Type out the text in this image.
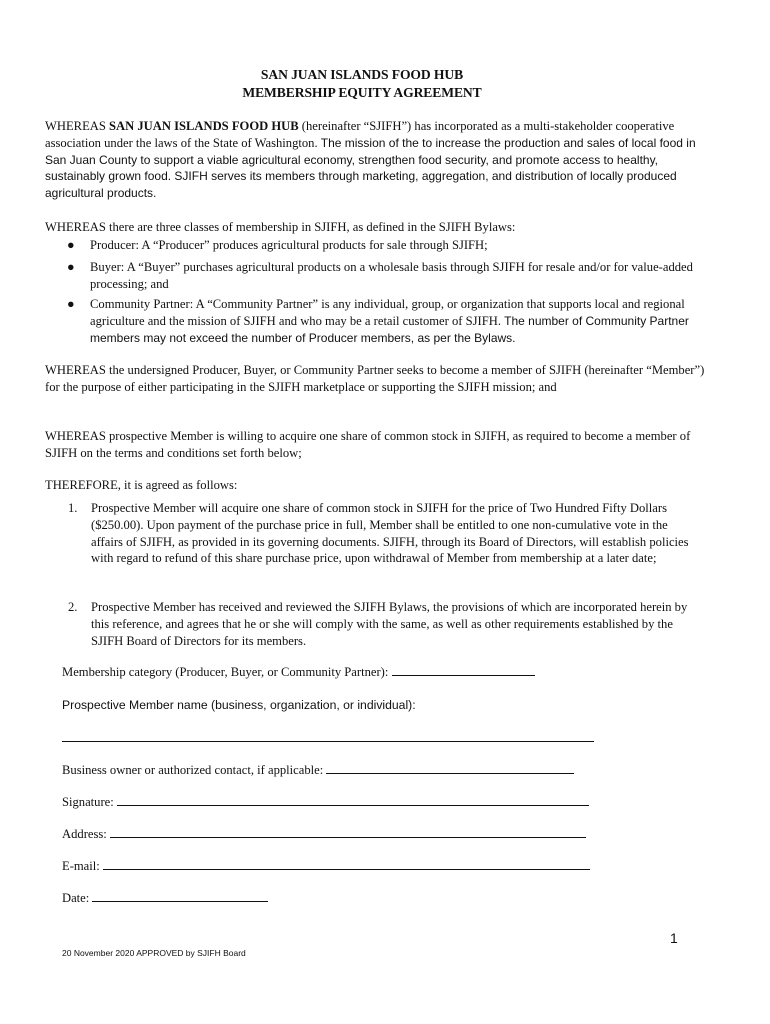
SAN JUAN ISLANDS FOOD HUB
MEMBERSHIP EQUITY AGREEMENT

WHEREAS SAN JUAN ISLANDS FOOD HUB (hereinafter “SJIFH”) has incorporated as a multi-stakeholder cooperative association under the laws of the State of Washington. The mission of the to increase the production and sales of local food in San Juan County to support a viable agricultural economy, strengthen food security, and promote access to healthy, sustainably grown food. SJIFH serves its members through marketing, aggregation, and distribution of locally produced agricultural products.

WHEREAS there are three classes of membership in SJIFH, as defined in the SJIFH Bylaws:

● Producer: A “Producer” produces agricultural products for sale through SJIFH;
● Buyer: A “Buyer” purchases agricultural products on a wholesale basis through SJIFH for resale and/or for value-added processing; and
● Community Partner: A “Community Partner” is any individual, group, or organization that supports local and regional agriculture and the mission of SJIFH and who may be a retail customer of SJIFH. The number of Community Partner members may not exceed the number of Producer members, as per the Bylaws.

WHEREAS the undersigned Producer, Buyer, or Community Partner seeks to become a member of SJIFH (hereinafter “Member”) for the purpose of either participating in the SJIFH marketplace or supporting the SJIFH mission; and

WHEREAS prospective Member is willing to acquire one share of common stock in SJIFH, as required to become a member of SJIFH on the terms and conditions set forth below;

THEREFORE, it is agreed as follows:

1. Prospective Member will acquire one share of common stock in SJIFH for the price of Two Hundred Fifty Dollars ($250.00). Upon payment of the purchase price in full, Member shall be entitled to one non-cumulative vote in the affairs of SJIFH, as provided in its governing documents. SJIFH, through its Board of Directors, will establish policies with regard to refund of this share purchase price, upon withdrawal of Member from membership at a later date;
2. Prospective Member has received and reviewed the SJIFH Bylaws, the provisions of which are incorporated herein by this reference, and agrees that he or she will comply with the same, as well as other requirements established by the SJIFH Board of Directors for its members.
Membership category (Producer, Buyer, or Community Partner):
Prospective Member name (business, organization, or individual):
Business owner or authorized contact, if applicable:
Signature:
Address:
E-mail:
Date:
1
20 November 2020 APPROVED by SJIFH Board
